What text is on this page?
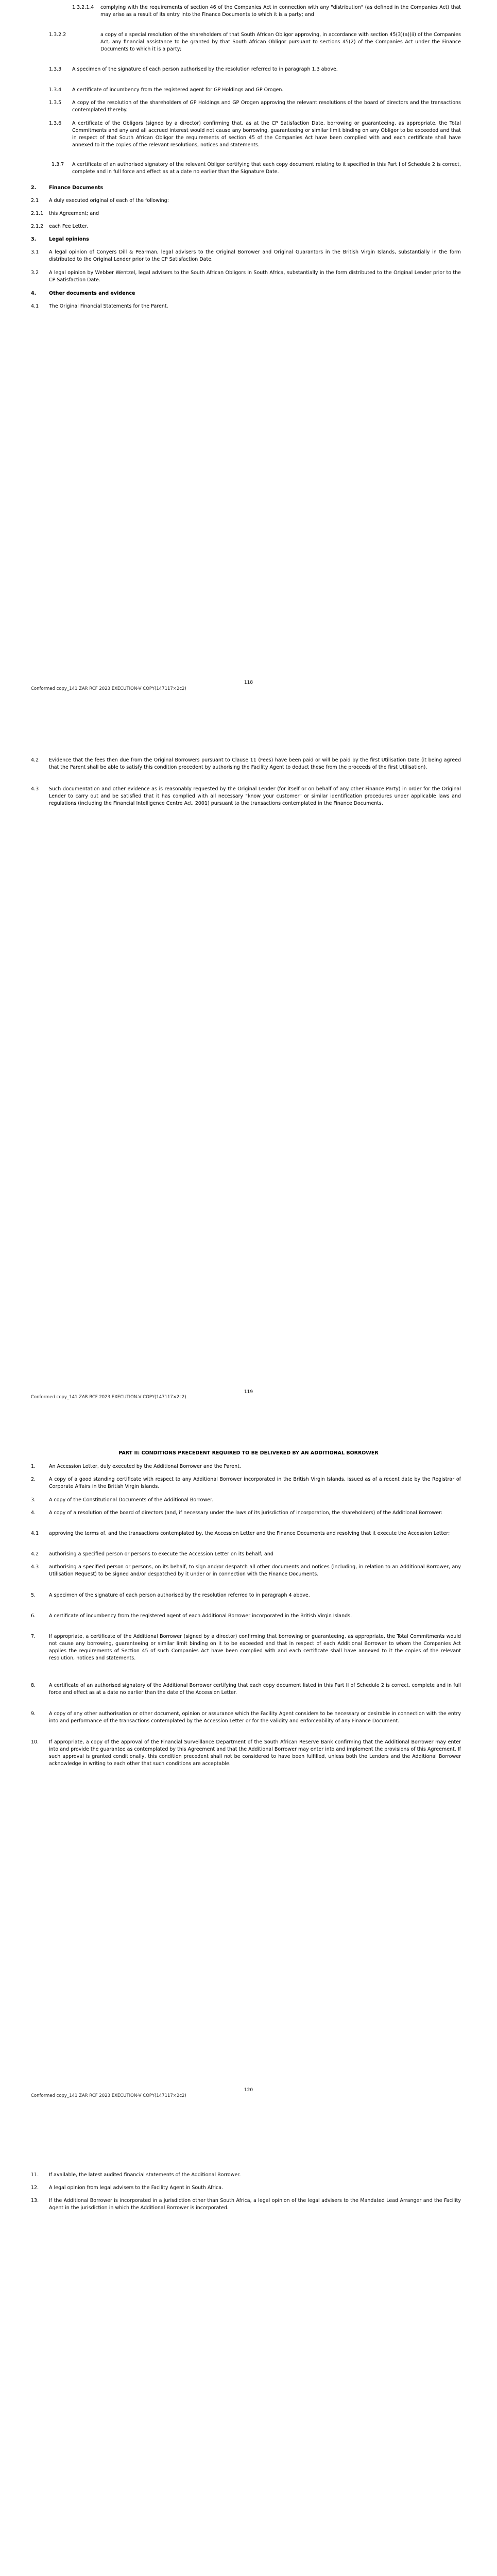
1.3.2.1.4 complying with the requirements of section 46 of the Companies Act in connection with any "distribution" (as defined in the Companies Act) that may arise as a result of its entry into the Finance Documents to which it is a party; and
1.3.2.2	a copy of a special resolution of the shareholders of that South African Obligor approving, in accordance with section 45(3)(a)(ii) of the Companies Act, any financial assistance to be granted by that South African Obligor pursuant to sections 45(2) of the Companies Act under the Finance Documents to which it is a party;
1.3.3 A specimen of the signature of each person authorised by the resolution referred to in paragraph 1.3 above.
1.3.4 A certificate of incumbency from the registered agent for GP Holdings and GP Orogen.
1.3.5 A copy of the resolution of the shareholders of GP Holdings and GP Orogen approving the relevant resolutions of the board of directors and the transactions contemplated thereby.
1.3.6 A certificate of the Obligors (signed by a director) confirming that, as at the CP Satisfaction Date, borrowing or guaranteeing, as appropriate, the Total Commitments and any and all accrued interest would not cause any borrowing, guaranteeing or similar limit binding on any Obligor to be exceeded and that in respect of that South African Obligor the requirements of section 45 of the Companies Act have been complied with and each certificate shall have annexed to it the copies of the relevant resolutions, notices and statements.
1.3.7 A certificate of an authorised signatory of the relevant Obligor certifying that each copy document relating to it specified in this Part I of Schedule 2 is correct, complete and in full force and effect as at a date no earlier than the Signature Date.
2.	Finance Documents
2.1 A duly executed original of each of the following:
2.1.1 this Agreement; and
2.1.2 each Fee Letter.
3.	Legal opinions
3.1 A legal opinion of Conyers Dill & Pearman, legal advisers to the Original Borrower and Original Guarantors in the British Virgin Islands, substantially in the form distributed to the Original Lender prior to the CP Satisfaction Date.
3.2 A legal opinion by Webber Wentzel, legal advisers to the South African Obligors in South Africa, substantially in the form distributed to the Original Lender prior to the CP Satisfaction Date.
4.	Other documents and evidence
4.1 The Original Financial Statements for the Parent.
118
Conformed copy_141 ZAR RCF 2023 EXECUTION-V COPY(147117×2c2)
4.2 Evidence that the fees then due from the Original Borrowers pursuant to Clause 11 (Fees) have been paid or will be paid by the first Utilisation Date (it being agreed that the Parent shall be able to satisfy this condition precedent by authorising the Facility Agent to deduct these from the proceeds of the first Utilisation).
4.3 Such documentation and other evidence as is reasonably requested by the Original Lender (for itself or on behalf of any other Finance Party) in order for the Original Lender to carry out and be satisfied that it has complied with all necessary "know your customer" or similar identification procedures under applicable laws and regulations (including the Financial Intelligence Centre Act, 2001) pursuant to the transactions contemplated in the Finance Documents.
119
Conformed copy_141 ZAR RCF 2023 EXECUTION-V COPY(147117×2c2)
PART II: CONDITIONS PRECEDENT REQUIRED TO BE DELIVERED BY AN ADDITIONAL BORROWER
1.	An Accession Letter, duly executed by the Additional Borrower and the Parent.
2.	A copy of a good standing certificate with respect to any Additional Borrower incorporated in the British Virgin Islands, issued as of a recent date by the Registrar of Corporate Affairs in the British Virgin Islands.
3.	A copy of the Constitutional Documents of the Additional Borrower.
4.	A copy of a resolution of the board of directors (and, if necessary under the laws of its jurisdiction of incorporation, the shareholders) of the Additional Borrower:
4.1 approving the terms of, and the transactions contemplated by, the Accession Letter and the Finance Documents and resolving that it execute the Accession Letter;
4.2 authorising a specified person or persons to execute the Accession Letter on its behalf; and
4.3 authorising a specified person or persons, on its behalf, to sign and/or despatch all other documents and notices (including, in relation to an Additional Borrower, any Utilisation Request) to be signed and/or despatched by it under or in connection with the Finance Documents.
5.	A specimen of the signature of each person authorised by the resolution referred to in paragraph 4 above.
6.	A certificate of incumbency from the registered agent of each Additional Borrower incorporated in the British Virgin Islands.
7.	If appropriate, a certificate of the Additional Borrower (signed by a director) confirming that borrowing or guaranteeing, as appropriate, the Total Commitments would not cause any borrowing, guaranteeing or similar limit binding on it to be exceeded and that in respect of each Additional Borrower to whom the Companies Act applies the requirements of Section 45 of such Companies Act have been complied with and each certificate shall have annexed to it the copies of the relevant resolution, notices and statements.
8.	A certificate of an authorised signatory of the Additional Borrower certifying that each copy document listed in this Part II of Schedule 2 is correct, complete and in full force and effect as at a date no earlier than the date of the Accession Letter.
9.	A copy of any other authorisation or other document, opinion or assurance which the Facility Agent considers to be necessary or desirable in connection with the entry into and performance of the transactions contemplated by the Accession Letter or for the validity and enforceability of any Finance Document.
10. If appropriate, a copy of the approval of the Financial Surveillance Department of the South African Reserve Bank confirming that the Additional Borrower may enter into and provide the guarantee as contemplated by this Agreement and that the Additional Borrower may enter into and implement the provisions of this Agreement. If such approval is granted conditionally, this condition precedent shall not be considered to have been fulfilled, unless both the Lenders and the Additional Borrower acknowledge in writing to each other that such conditions are acceptable.
120
Conformed copy_141 ZAR RCF 2023 EXECUTION-V COPY(147117×2c2)
11. If available, the latest audited financial statements of the Additional Borrower.
12. A legal opinion from legal advisers to the Facility Agent in South Africa.
13. If the Additional Borrower is incorporated in a jurisdiction other than South Africa, a legal opinion of the legal advisers to the Mandated Lead Arranger and the Facility Agent in the jurisdiction in which the Additional Borrower is incorporated.
